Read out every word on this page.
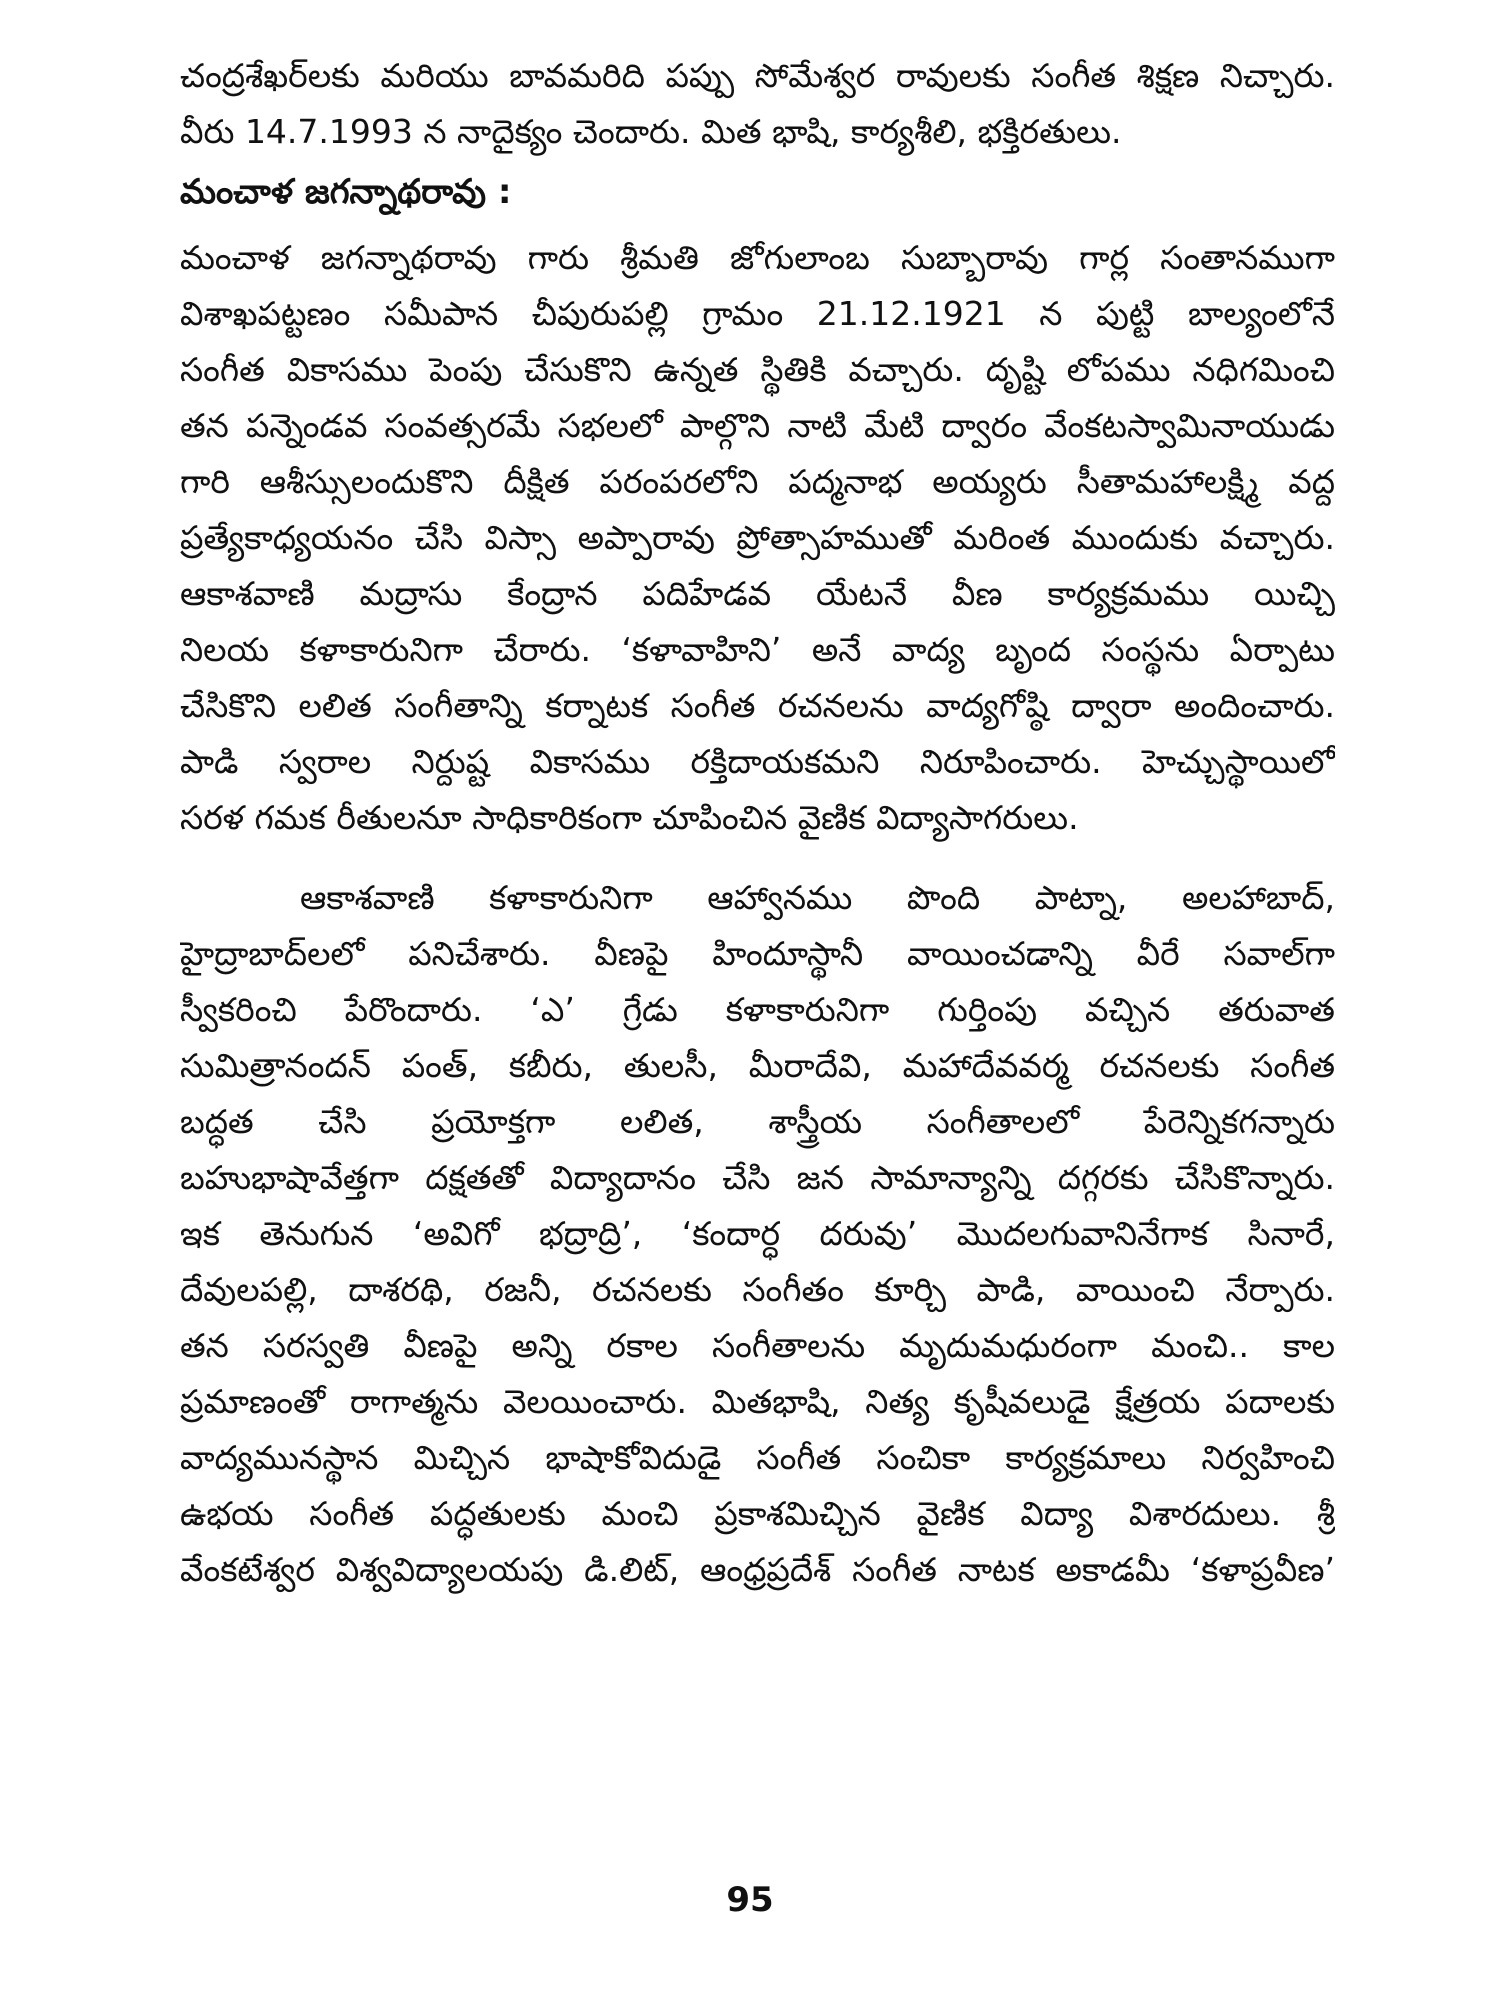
చంద్రశేఖర్‌లకు మరియు బావమరిది పప్పు సోమేశ్వర రావులకు సంగీత శిక్షణ నిచ్చారు.
వీరు 14.7.1993 న నాదైక్యం చెందారు. మిత భాషి, కార్యశీలి, భక్తిరతులు.
మంచాళ జగన్నాథరావు :
మంచాళ జగన్నాథరావు గారు శ్రీమతి జోగులాంబ సుబ్బారావు గార్ల సంతానముగా
విశాఖపట్టణం సమీపాన చీపురుపల్లి గ్రామం 21.12.1921 న పుట్టి బాల్యంలోనే
సంగీత వికాసము పెంపు చేసుకొని ఉన్నత స్థితికి వచ్చారు. దృష్టి లోపము నధిగమించి
తన పన్నెండవ సంవత్సరమే సభలలో పాల్గొని నాటి మేటి ద్వారం వేంకటస్వామినాయుడు
గారి ఆశీస్సులందుకొని దీక్షిత పరంపరలోని పద్మనాభ అయ్యరు సీతామహాలక్ష్మి వద్ద
ప్రత్యేకాధ్యయనం చేసి విస్సా అప్పారావు ప్రోత్సాహముతో మరింత ముందుకు వచ్చారు.
ఆకాశవాణి మద్రాసు కేంద్రాన పదిహేడవ యేటనే వీణ కార్యక్రమము యిచ్చి
నిలయ కళాకారునిగా చేరారు. ‘కళావాహిని’ అనే వాద్య బృంద సంస్థను ఏర్పాటు
చేసికొని లలిత సంగీతాన్ని కర్నాటక సంగీత రచనలను వాద్యగోష్ఠి ద్వారా అందించారు.
పాడి స్వరాల నిర్దుష్ట వికాసము రక్తిదాయకమని నిరూపించారు. హెచ్చుస్థాయిలో
సరళ గమక రీతులనూ సాధికారికంగా చూపించిన వైణిక విద్యాసాగరులు.
ఆకాశవాణి కళాకారునిగా ఆహ్వానము పొంది పాట్నా, అలహాబాద్,
హైద్రాబాద్‌లలో పనిచేశారు. వీణపై హిందూస్థానీ వాయించడాన్ని వీరే సవాల్‌గా
స్వీకరించి పేరొందారు. ‘ఎ’ గ్రేడు కళాకారునిగా గుర్తింపు వచ్చిన తరువాత
సుమిత్రానందన్ పంత్, కబీరు, తులసీ, మీరాదేవి, మహాదేవవర్మ రచనలకు సంగీత
బద్ధత చేసి ప్రయోక్తగా లలిత, శాస్త్రీయ సంగీతాలలో పేరెన్నికగన్నారు
బహుభాషావేత్తగా దక్షతతో విద్యాదానం చేసి జన సామాన్యాన్ని దగ్గరకు చేసికొన్నారు.
ఇక తెనుగున ‘అవిగో భద్రాద్రి’, ‘కందార్ధ దరువు’ మొదలగువానినేగాక సినారే,
దేవులపల్లి, దాశరథి, రజనీ, రచనలకు సంగీతం కూర్చి పాడి, వాయించి నేర్పారు.
తన సరస్వతి వీణపై అన్ని రకాల సంగీతాలను మృదుమధురంగా మంచి.. కాల
ప్రమాణంతో రాగాత్మను వెలయించారు. మితభాషి, నిత్య కృషీవలుడై క్షేత్రయ పదాలకు
వాద్యమునస్థాన మిచ్చిన భాషాకోవిదుడై సంగీత సంచికా కార్యక్రమాలు నిర్వహించి
ఉభయ సంగీత పద్ధతులకు మంచి ప్రకాశమిచ్చిన వైణిక విద్యా విశారదులు. శ్రీ
వేంకటేశ్వర విశ్వవిద్యాలయపు డి.లిట్, ఆంధ్రప్రదేశ్ సంగీత నాటక అకాడమీ ‘కళాప్రవీణ’
95
